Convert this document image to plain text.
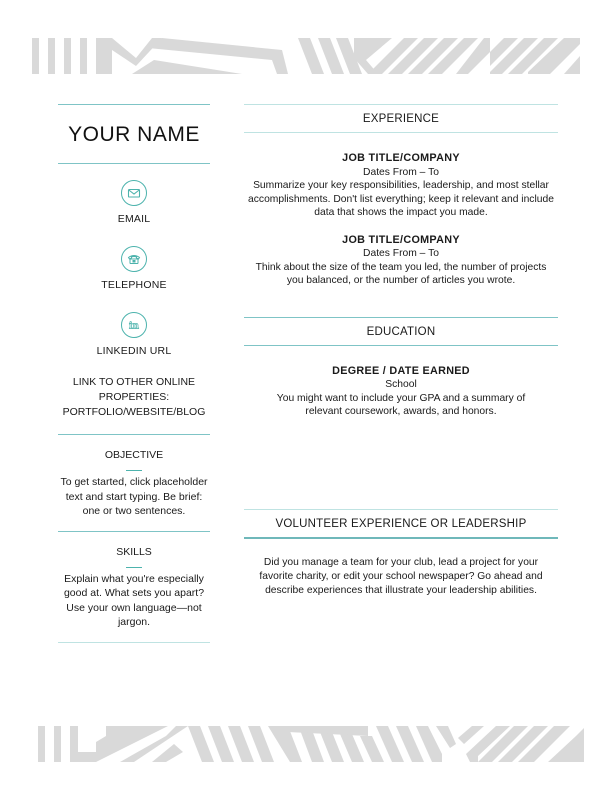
YOUR NAME
EMAIL
TELEPHONE
in
LINKEDIN URL
LINK TO OTHER ONLINE PROPERTIES: PORTFOLIO/WEBSITE/BLOG
OBJECTIVE
To get started, click placeholder text and start typing. Be brief: one or two sentences.
SKILLS
Explain what you're especially good at. What sets you apart? Use your own language—not jargon.
EXPERIENCE
JOB TITLE/COMPANY
Dates From – To
Summarize your key responsibilities, leadership, and most stellar accomplishments. Don't list everything; keep it relevant and include data that shows the impact you made.
JOB TITLE/COMPANY
Dates From – To
Think about the size of the team you led, the number of projects you balanced, or the number of articles you wrote.
EDUCATION
DEGREE / DATE EARNED
School
You might want to include your GPA and a summary of relevant coursework, awards, and honors.
VOLUNTEER EXPERIENCE OR LEADERSHIP
Did you manage a team for your club, lead a project for your favorite charity, or edit your school newspaper? Go ahead and describe experiences that illustrate your leadership abilities.
